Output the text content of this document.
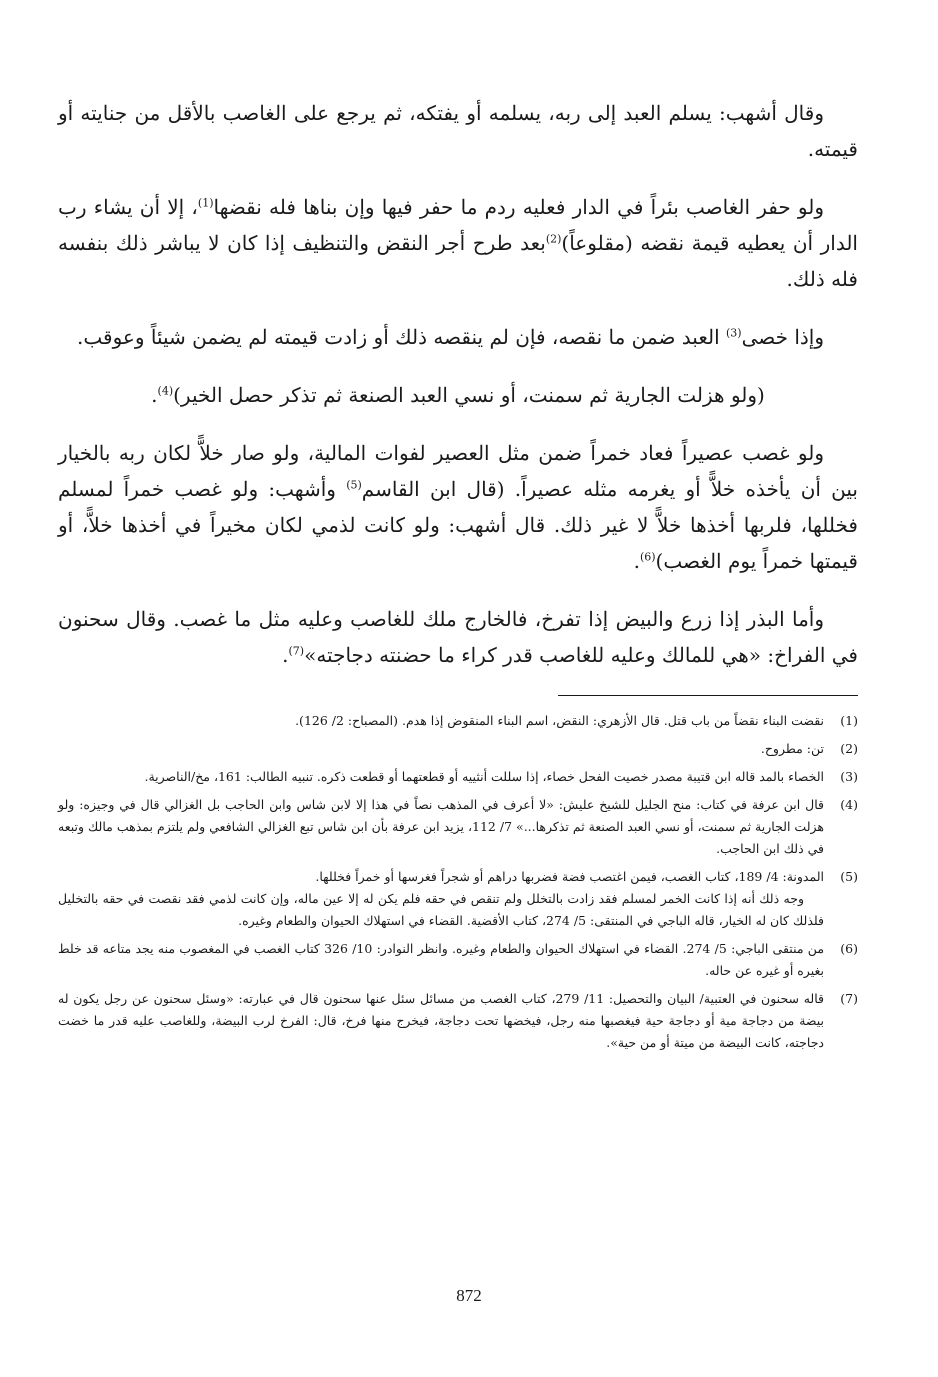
وقال أشهب: يسلم العبد إلى ربه، يسلمه أو يفتكه، ثم يرجع على الغاصب بالأقل من جنايته أو قيمته.

ولو حفر الغاصب بئراً في الدار فعليه ردم ما حفر فيها وإن بناها فله نقضها$^{(1)}$، إلا أن يشاء رب الدار أن يعطيه قيمة نقضه (مقلوعاً)$^{(2)}$بعد طرح أجر النقض والتنظيف إذا كان لا يباشر ذلك بنفسه فله ذلك.

وإذا خصى$^{(3)}$ العبد ضمن ما نقصه، فإن لم ينقصه ذلك أو زادت قيمته لم يضمن شيئاً وعوقب.

(ولو هزلت الجارية ثم سمنت، أو نسي العبد الصنعة ثم تذكر حصل الخير)$^{(4)}$.

ولو غصب عصيراً فعاد خمراً ضمن مثل العصير لفوات المالية، ولو صار خلاًّ لكان ربه بالخيار بين أن يأخذه خلاًّ أو يغرمه مثله عصيراً. (قال ابن القاسم$^{(5)}$ وأشهب: ولو غصب خمراً لمسلم فخللها، فلربها أخذها خلاًّ لا غير ذلك. قال أشهب: ولو كانت لذمي لكان مخيراً في أخذها خلاًّ، أو قيمتها خمراً يوم الغصب)$^{(6)}$.

وأما البذر إذا زرع والبيض إذا تفرخ، فالخارج ملك للغاصب وعليه مثل ما غصب. وقال سحنون في الفراخ: «هي للمالك وعليه للغاصب قدر كراء ما حضنته دجاجته»$^{(7)}$.

(1)

نقضت البناء نقضاً من باب قتل. قال الأزهري: النقض، اسم البناء المنقوض إذا هدم. (المصباح: 2/ 126).

(2)

تن: مطروح.

(3)

الخصاء بالمد قاله ابن قتيبة مصدر خصيت الفحل خصاء، إذا سللت أنثييه أو قطعتهما أو قطعت ذكره. تنبيه الطالب: 161، مخ/الناصرية.

(4)

قال ابن عرفة في كتاب: منح الجليل للشيخ عليش: «لا أعرف في المذهب نصاً في هذا إلا لابن شاس وابن الحاجب بل الغزالي قال في وجيزه: ولو هزلت الجارية ثم سمنت، أو نسي العبد الصنعة ثم تذكرها...» 7/ 112، يزيد ابن عرفة بأن ابن شاس تبع الغزالي الشافعي ولم يلتزم بمذهب مالك وتبعه في ذلك ابن الحاجب.

(5)

المدونة: 4/ 189، كتاب الغصب، فيمن اغتصب فضة فضربها دراهم أو شجراً فغرسها أو خمراً فخللها.

وجه ذلك أنه إذا كانت الخمر لمسلم فقد زادت بالتخلل ولم تنقص في حقه فلم يكن له إلا عين ماله، وإن كانت لذمي فقد نقصت في حقه بالتخليل فلذلك كان له الخيار، قاله الباجي في المنتقى: 5/ 274، كتاب الأقضية. القضاء في استهلاك الحيوان والطعام وغيره.

(6)

من منتقى الباجي: 5/ 274. القضاء في استهلاك الحيوان والطعام وغيره. وانظر النوادر: 10/ 326 كتاب الغصب في المغصوب منه يجد متاعه قد خلط بغيره أو غيره عن حاله.

(7)

قاله سحنون في العتبية/ البيان والتحصيل: 11/ 279، كتاب الغصب من مسائل سئل عنها سحنون قال في عبارته: «وسئل سحنون عن رجل يكون له بيضة من دجاجة مية أو دجاجة حية فيغصبها منه رجل، فيخضها تحت دجاجة، فيخرج منها فرخ، قال: الفرخ لرب البيضة، وللغاصب عليه قدر ما خضت دجاجته، كانت البيضة من ميتة أو من حية».

872
